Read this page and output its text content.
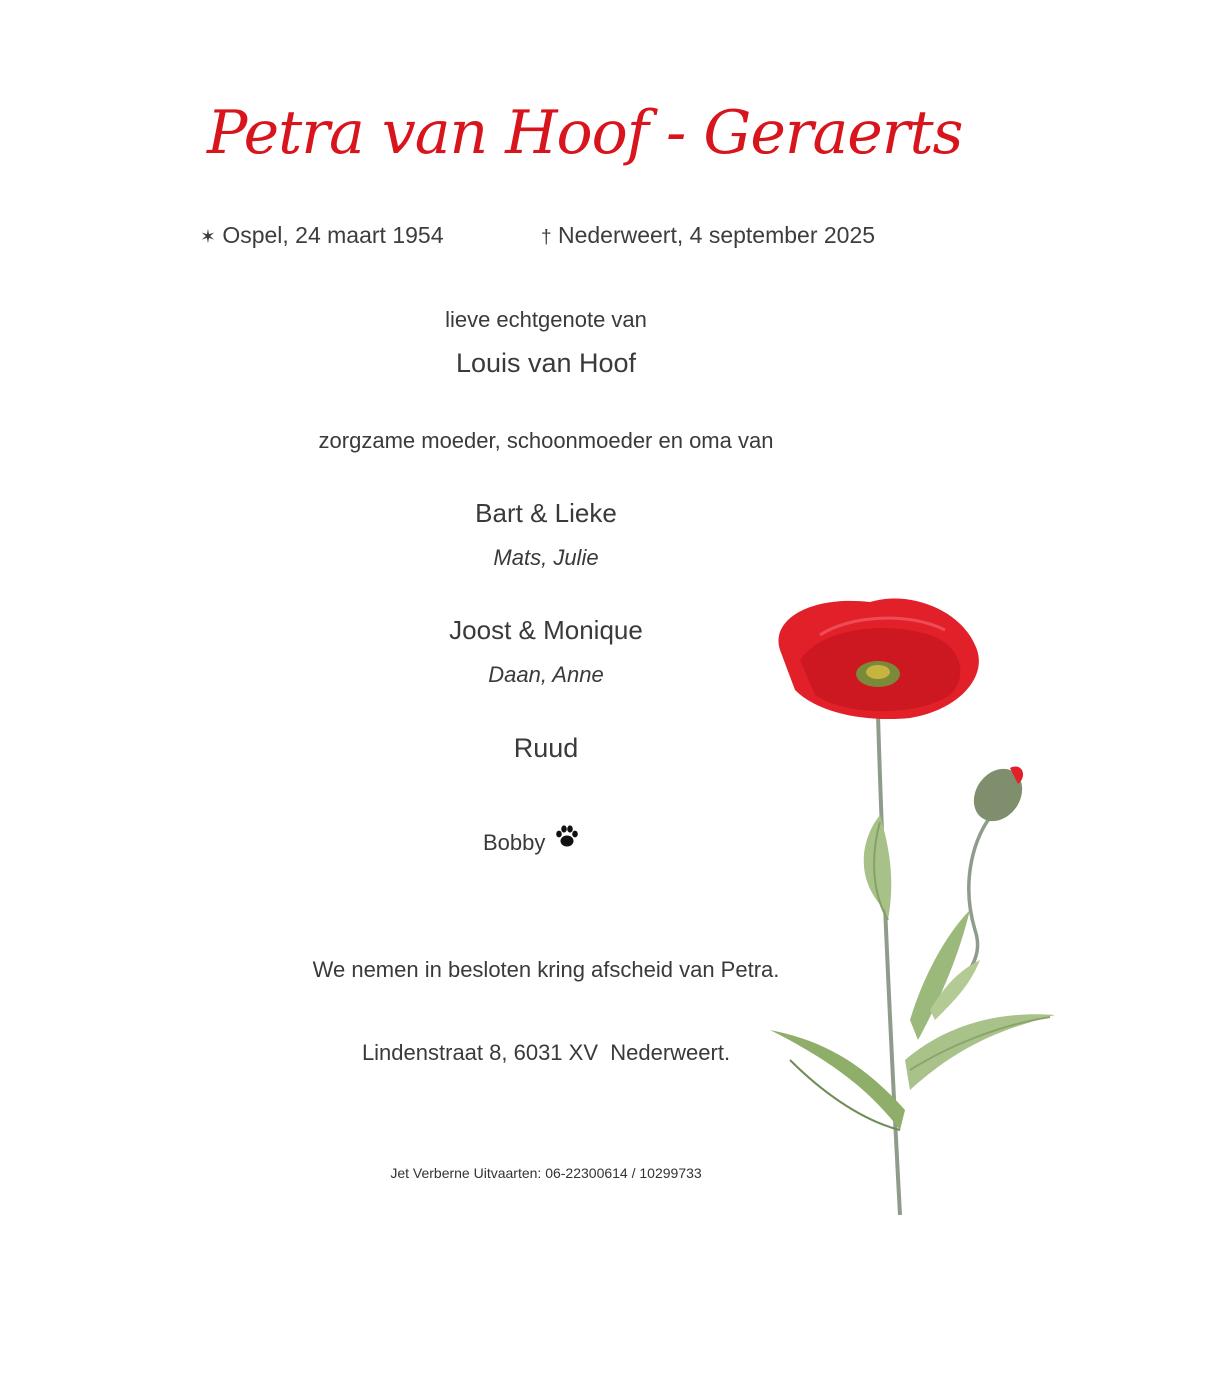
Petra van Hoof - Geraerts
✶ Ospel, 24 maart 1954	† Nederweert, 4 september 2025
lieve echtgenote van
Louis van Hoof
zorgzame moeder, schoonmoeder en oma van
Bart & Lieke
Mats, Julie
Joost & Monique
Daan, Anne
Ruud
Bobby
We nemen in besloten kring afscheid van Petra.
Lindenstraat 8, 6031 XV  Nederweert.
Jet Verberne Uitvaarten: 06-22300614 / 10299733
